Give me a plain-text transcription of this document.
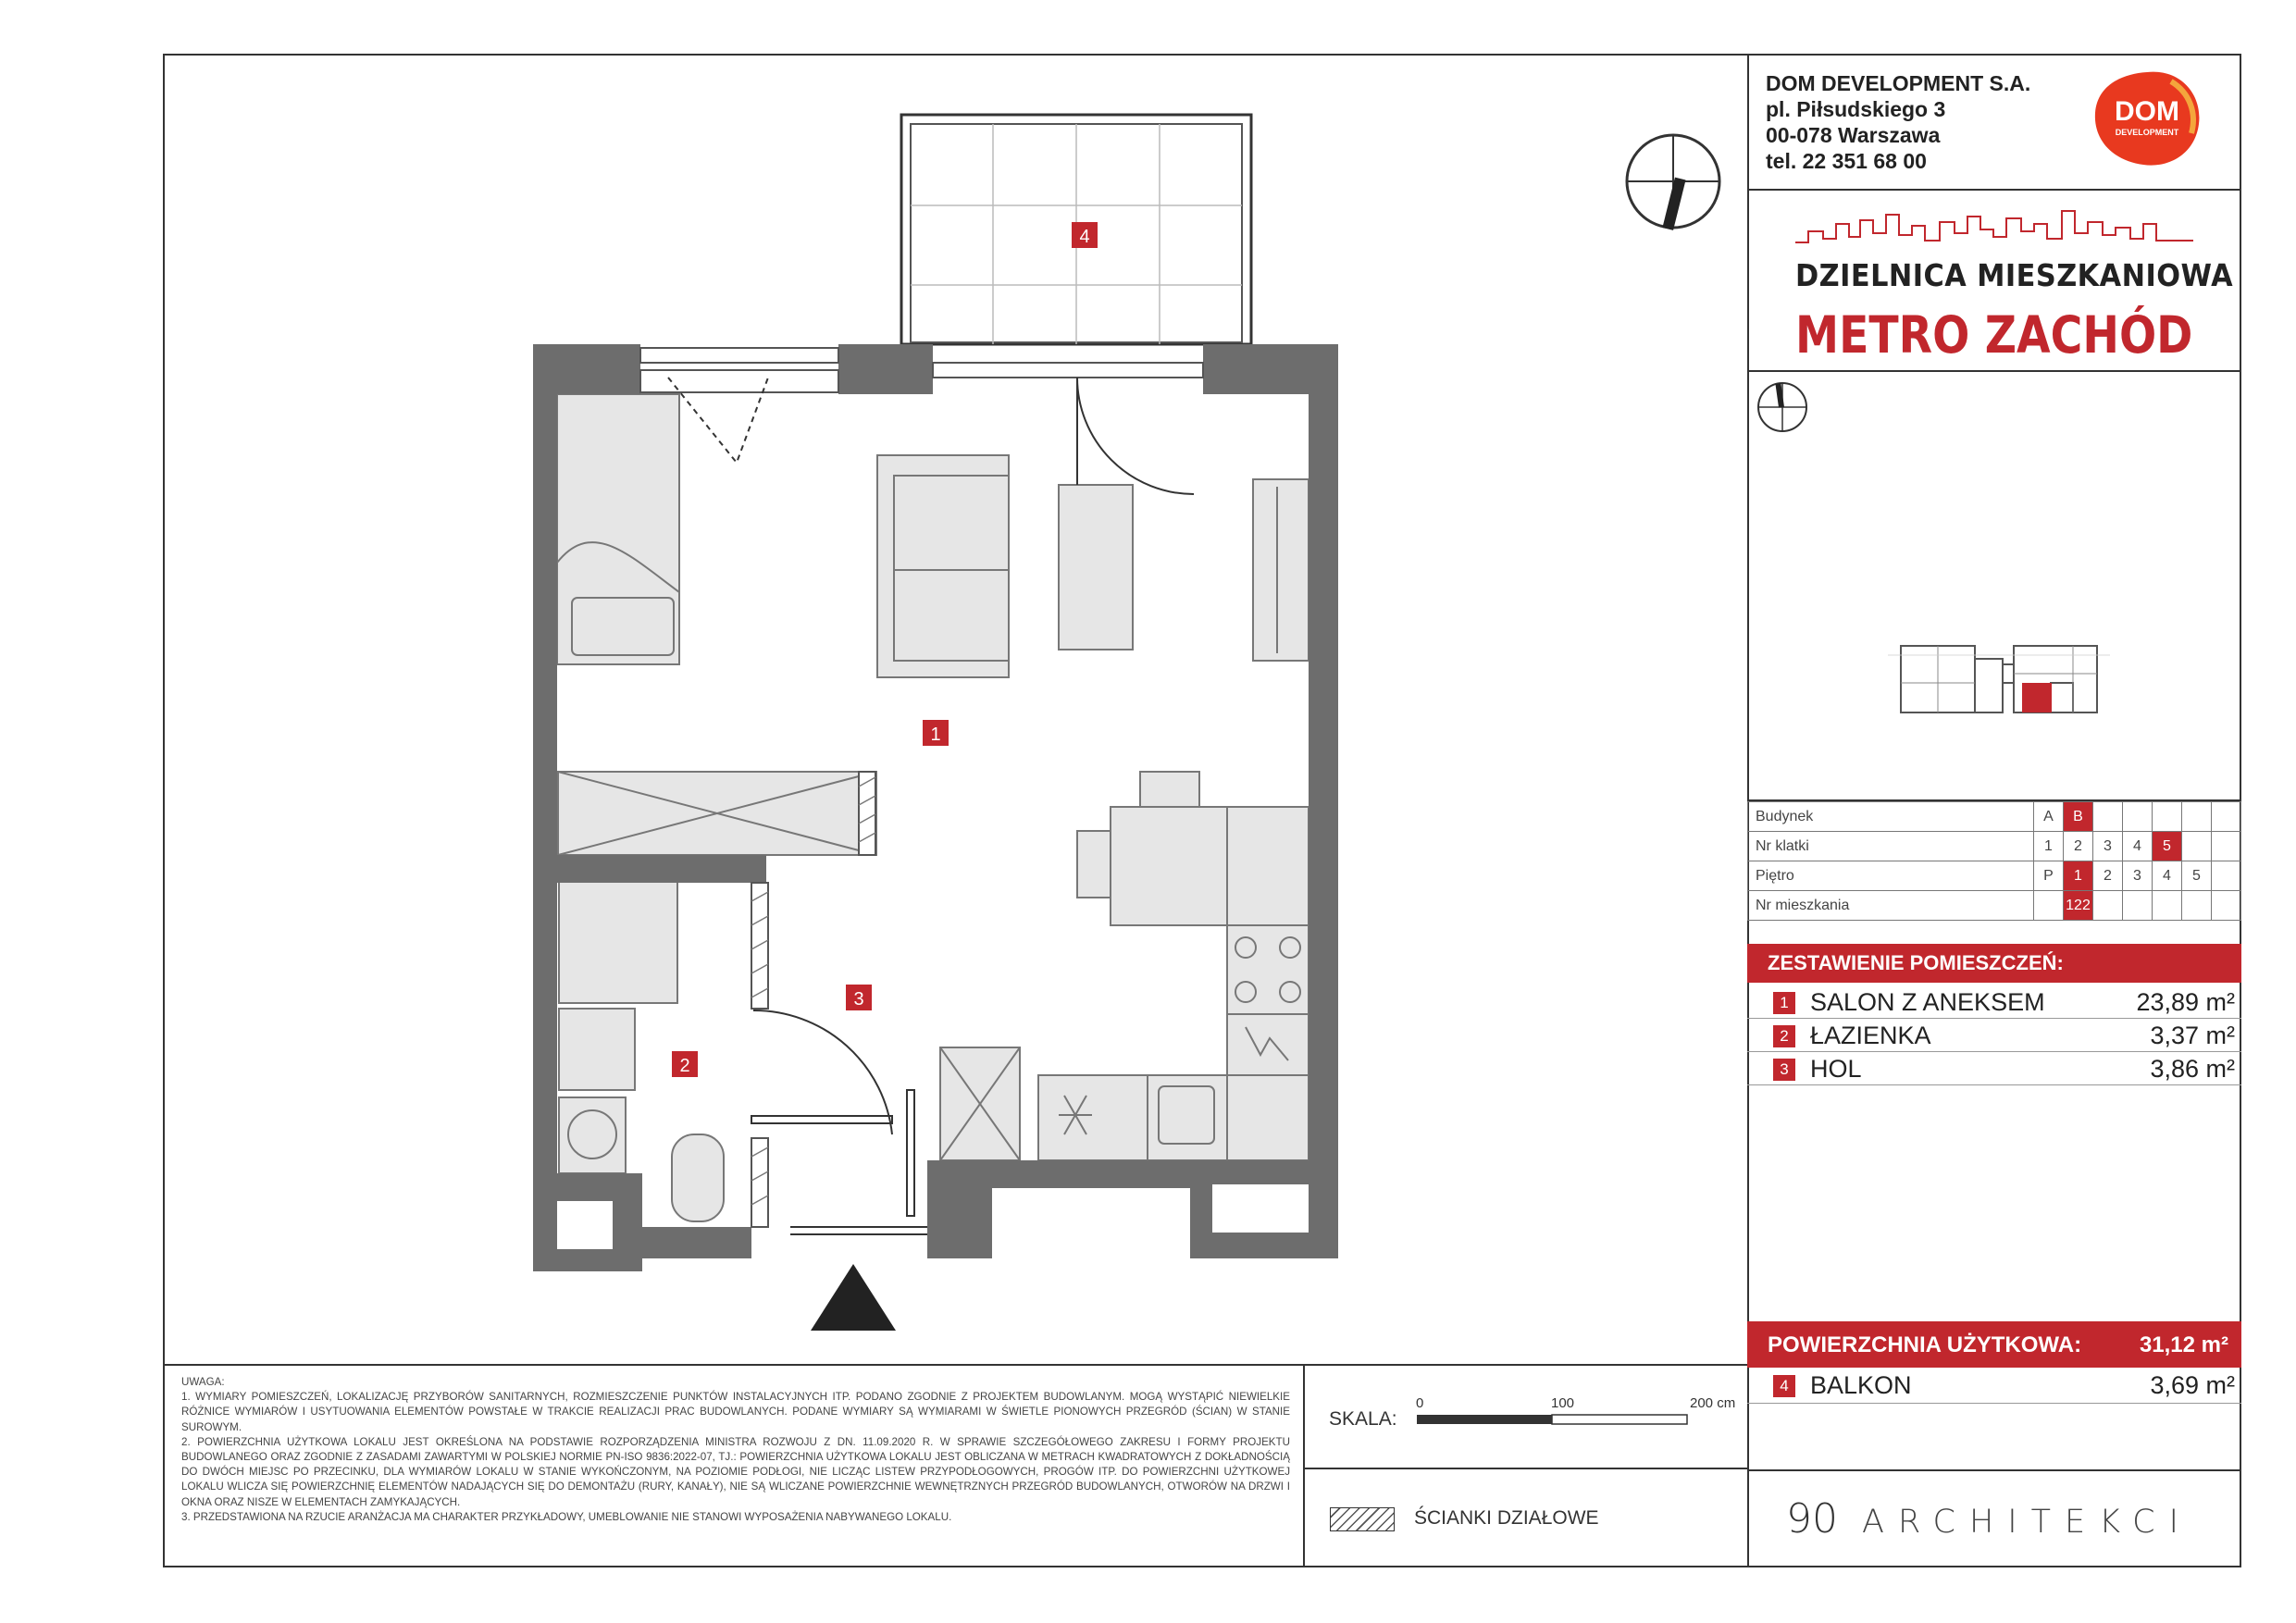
DOM DEVELOPMENT S.A.
pl. Piłsudskiego 3
00-078 Warszawa
tel. 22 351 68 00
DOM
DEVELOPMENT
DZIELNICA MIESZKANIOWA
METRO ZACHÓD
Budynek	A	B					
Nr klatki	1	2	3	4	5		
Piętro	P	1	2	3	4	5	
Nr mieszkania		122					
ZESTAWIENIE POMIESZCZEŃ:
1 SALON Z ANEKSEM	23,89 m²
2 ŁAZIENKA	3,37 m²
3 HOL	3,86 m²
POWIERZCHNIA UŻYTKOWA:	31,12 m²
4 BALKON	3,69 m²

UWAGA:

1. WYMIARY POMIESZCZEŃ, LOKALIZACJĘ PRZYBORÓW SANITARNYCH, ROZMIESZCZENIE PUNKTÓW INSTALACYJNYCH ITP. PODANO ZGODNIE Z PROJEKTEM BUDOWLANYM. MOGĄ WYSTĄPIĆ NIEWIELKIE RÓŻNICE WYMIARÓW I USYTUOWANIA ELEMENTÓW POWSTAŁE W TRAKCIE REALIZACJI PRAC BUDOWLANYCH. PODANE WYMIARY SĄ WYMIARAMI W ŚWIETLE PIONOWYCH PRZEGRÓD (ŚCIAN) W STANIE SUROWYM.

2. POWIERZCHNIA UŻYTKOWA LOKALU JEST OKREŚLONA NA PODSTAWIE ROZPORZĄDZENIA MINISTRA ROZWOJU Z DN. 11.09.2020 R. W SPRAWIE SZCZEGÓŁOWEGO ZAKRESU I FORMY PROJEKTU BUDOWLANEGO ORAZ ZGODNIE Z ZASADAMI ZAWARTYMI W POLSKIEJ NORMIE PN-ISO 9836:2022-07, TJ.: POWIERZCHNIA UŻYTKOWA LOKALU JEST OBLICZANA W METRACH KWADRATOWYCH Z DOKŁADNOŚCIĄ DO DWÓCH MIEJSC PO PRZECINKU, DLA WYMIARÓW LOKALU W STANIE WYKOŃCZONYM, NA POZIOMIE PODŁOGI, NIE LICZĄC LISTEW PRZYPODŁOGOWYCH, PROGÓW ITP. DO POWIERZCHNI UŻYTKOWEJ LOKALU WLICZA SIĘ POWIERZCHNIĘ ELEMENTÓW NADAJĄCYCH SIĘ DO DEMONTAŻU (RURY, KANAŁY), NIE SĄ WLICZANE POWIERZCHNIE WEWNĘTRZNYCH PRZEGRÓD BUDOWLANYCH, OTWORÓW NA DRZWI I OKNA ORAZ NISZE W ELEMENTACH ZAMYKAJĄCYCH.

3. PRZEDSTAWIONA NA RZUCIE ARANŻACJA MA CHARAKTER PRZYKŁADOWY, UMEBLOWANIE NIE STANOWI WYPOSAŻENIA NABYWANEGO LOKALU.

SKALA:
0	100	200 cm
ŚCIANKI DZIAŁOWE	90 ARCHITEKCI
4
1
2
3
